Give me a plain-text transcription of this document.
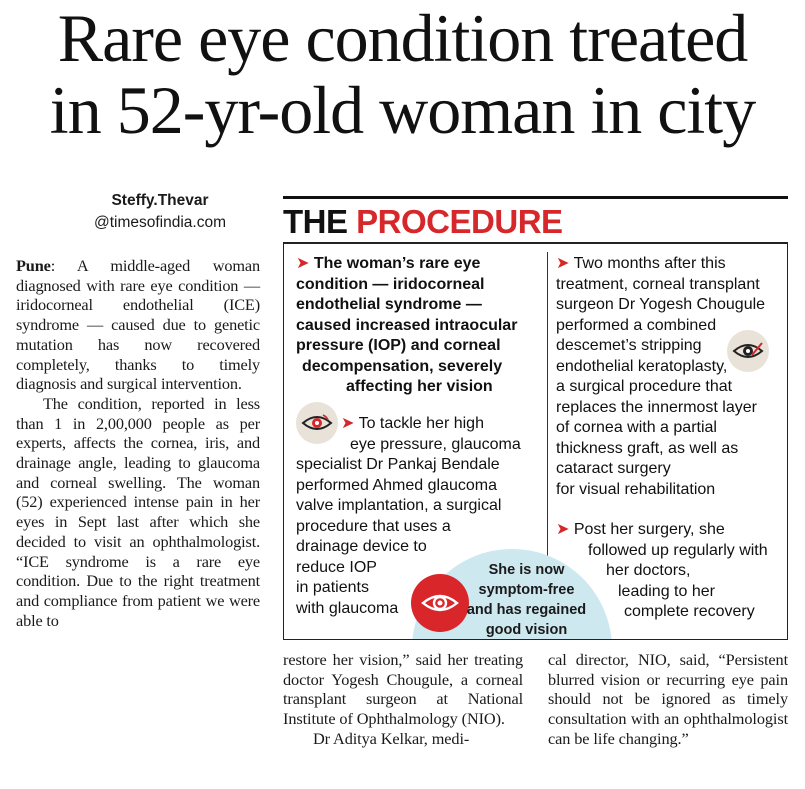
Rare eye condition treated
in 52-yr-old woman in city
Steffy.Thevar
@timesofindia.com

Pune: A middle-aged woman diagnosed with rare eye condition — iridocorneal endothelial (ICE) syndrome — caused due to genetic mutation has now recovered completely, thanks to timely diagnosis and surgical intervention.

The condition, reported in less than 1 in 2,00,000 people as per experts, affects the cornea, iris, and drainage angle, leading to glaucoma and corneal swelling. The woman (52) experienced intense pain in her eyes in Sept last after which she decided to visit an ophthalmologist. “ICE syndrome is a rare eye condition. Due to the right treatment and compliance from patient we were able to

THE PROCEDURE
➤ The woman’s rare eye
condition — iridocorneal
endothelial syndrome —
caused increased intraocular
pressure (IOP) and corneal
decompensation, severely
affecting her vision
➤ To tackle her high
eye pressure, glaucoma
specialist Dr Pankaj Bendale
performed Ahmed glaucoma
valve implantation, a surgical
procedure that uses a
drainage device to
reduce IOP
in patients
with glaucoma
➤ Two months after this
treatment, corneal transplant
surgeon Dr Yogesh Chougule
performed a combined
descemet’s stripping
endothelial keratoplasty,
a surgical procedure that
replaces the innermost layer
of cornea with a partial
thickness graft, as well as
cataract surgery
for visual rehabilitation
➤ Post her surgery, she
followed up regularly with
her doctors,
leading to her
complete recovery
She is now
symptom-free
and has regained
good vision

restore her vision,” said her treating doctor Yogesh Chougule, a corneal transplant surgeon at National Institute of Ophthalmology (NIO).

Dr Aditya Kelkar, medi-

cal director, NIO, said, “Persistent blurred vision or recurring eye pain should not be ignored as timely consultation with an ophthalmologist can be life changing.”
